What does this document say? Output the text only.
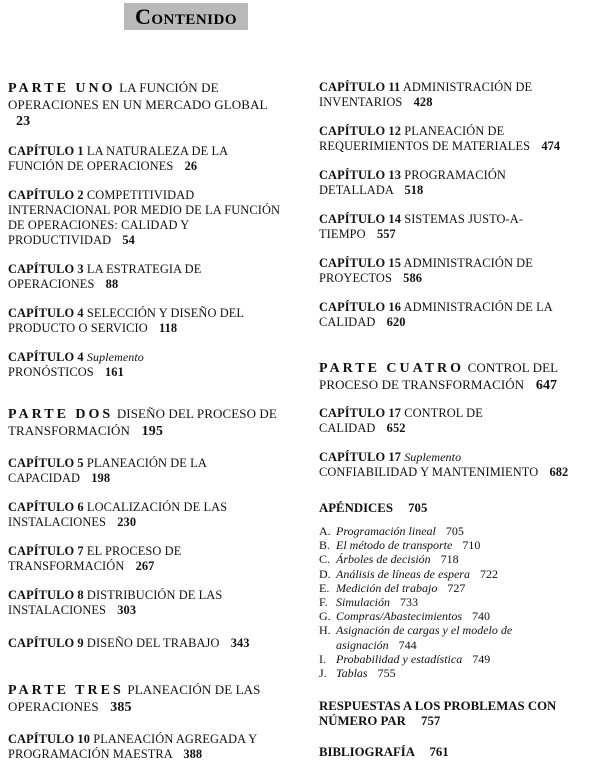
Contenido
PARTE UNO LA FUNCIÓN DE OPERACIONES EN UN MERCADO GLOBAL 23
CAPÍTULO 1 LA NATURALEZA DE LA FUNCIÓN DE OPERACIONES 26
CAPÍTULO 2 COMPETITIVIDAD INTERNACIONAL POR MEDIO DE LA FUNCIÓN DE OPERACIONES: CALIDAD Y PRODUCTIVIDAD 54
CAPÍTULO 3 LA ESTRATEGIA DE OPERACIONES 88
CAPÍTULO 4 SELECCIÓN Y DISEÑO DEL PRODUCTO O SERVICIO 118
CAPÍTULO 4 Suplemento
PRONÓSTICOS 161
PARTE DOS DISEÑO DEL PROCESO DE TRANSFORMACIÓN 195
CAPÍTULO 5 PLANEACIÓN DE LA CAPACIDAD 198
CAPÍTULO 6 LOCALIZACIÓN DE LAS INSTALACIONES 230
CAPÍTULO 7 EL PROCESO DE TRANSFORMACIÓN 267
CAPÍTULO 8 DISTRIBUCIÓN DE LAS INSTALACIONES 303
CAPÍTULO 9 DISEÑO DEL TRABAJO 343
PARTE TRES PLANEACIÓN DE LAS OPERACIONES 385
CAPÍTULO 10 PLANEACIÓN AGREGADA Y PROGRAMACIÓN MAESTRA 388
CAPÍTULO 11 ADMINISTRACIÓN DE INVENTARIOS 428
CAPÍTULO 12 PLANEACIÓN DE REQUERIMIENTOS DE MATERIALES 474
CAPÍTULO 13 PROGRAMACIÓN DETALLADA 518
CAPÍTULO 14 SISTEMAS JUSTO-A-TIEMPO 557
CAPÍTULO 15 ADMINISTRACIÓN DE PROYECTOS 586
CAPÍTULO 16 ADMINISTRACIÓN DE LA CALIDAD 620
PARTE CUATRO CONTROL DEL PROCESO DE TRANSFORMACIÓN 647
CAPÍTULO 17 CONTROL DE CALIDAD 652
CAPÍTULO 17 Suplemento
CONFIABILIDAD Y MANTENIMIENTO 682
APÉNDICES 705
A. Programación lineal 705
B. El método de transporte 710
C. Árboles de decisión 718
D. Análisis de líneas de espera 722
E. Medición del trabajo 727
F. Simulación 733
G. Compras/Abastecimientos 740
H. Asignación de cargas y el modelo de asignación 744
I. Probabilidad y estadística 749
J. Tablas 755
RESPUESTAS A LOS PROBLEMAS CON NÚMERO PAR 757
BIBLIOGRAFÍA 761
